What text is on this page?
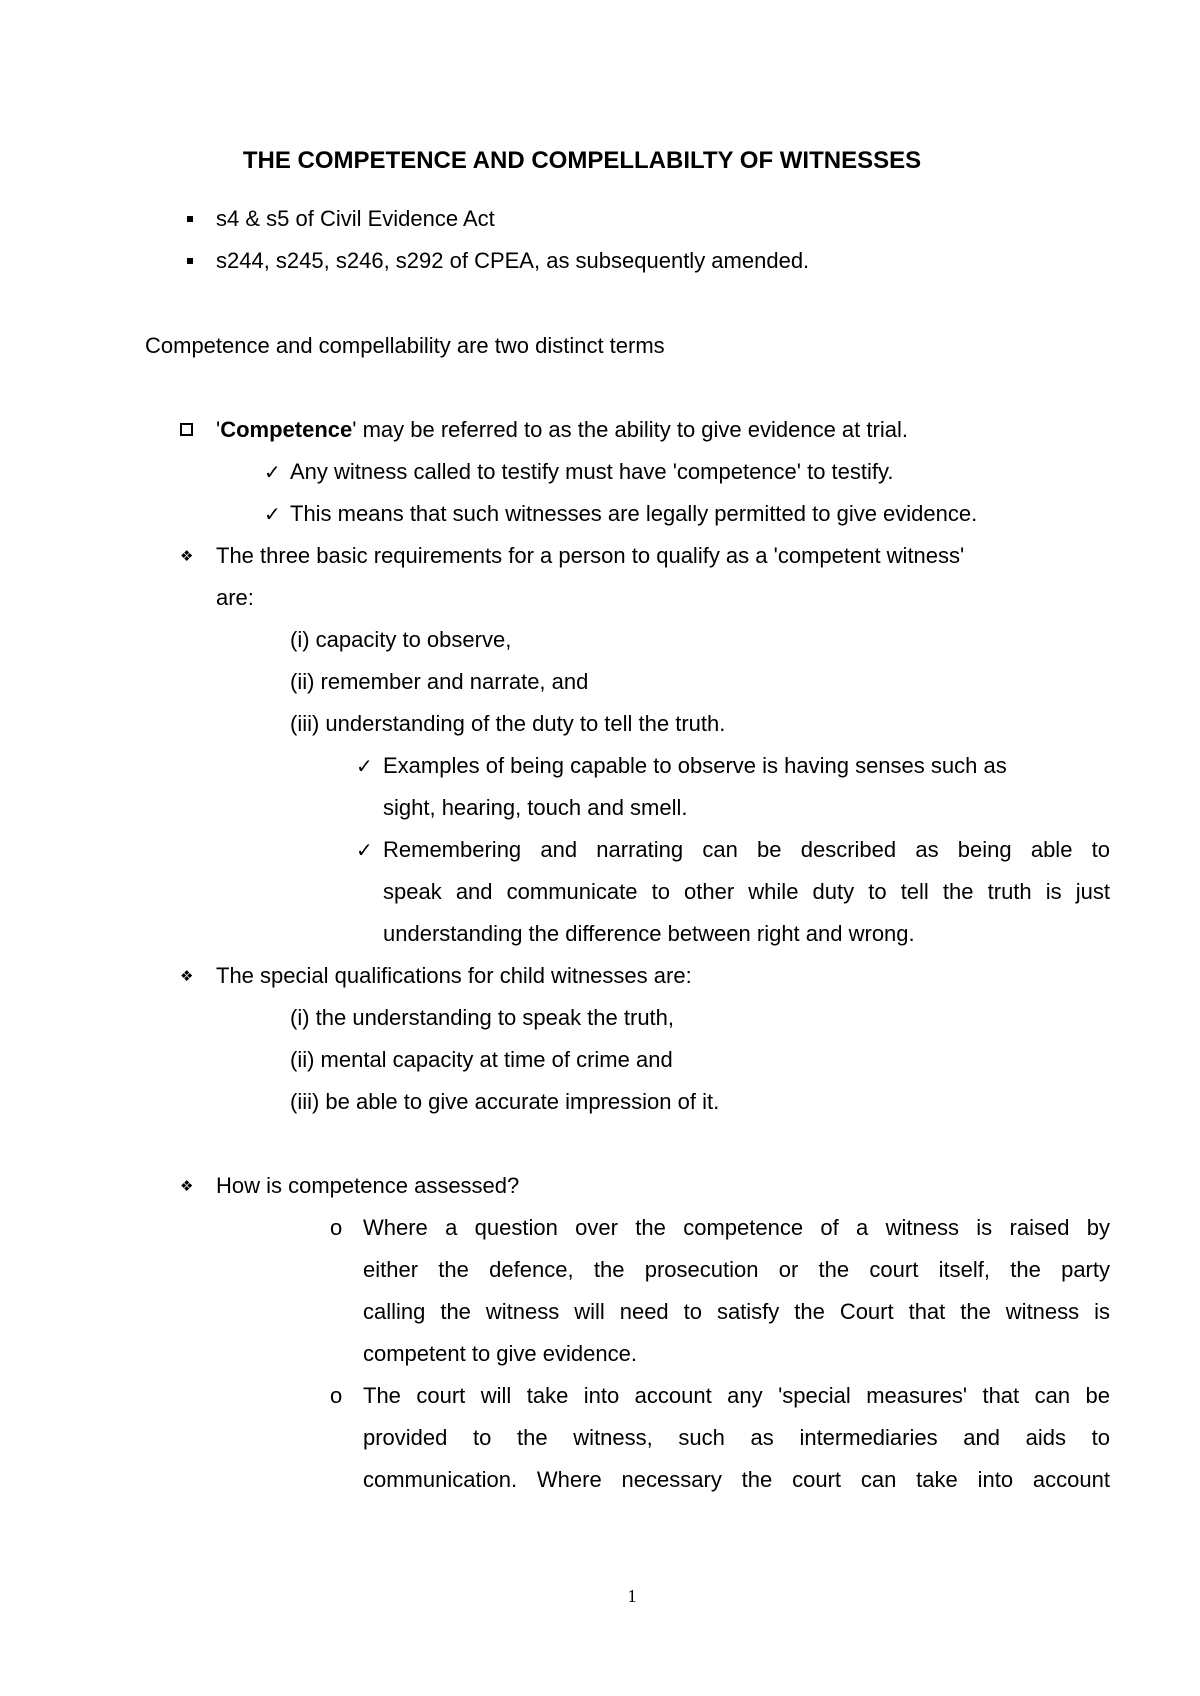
THE COMPETENCE AND COMPELLABILTY OF WITNESSES
s4 & s5 of Civil Evidence Act
s244, s245, s246, s292 of CPEA, as subsequently amended.
Competence and compellability are two distinct terms
'Competence' may be referred to as the ability to give evidence at trial.
✓ Any witness called to testify must have 'competence' to testify.
✓ This means that such witnesses are legally permitted to give evidence.
❖ The three basic requirements for a person to qualify as a 'competent witness'
are:
(i) capacity to observe,
(ii) remember and narrate, and
(iii) understanding of the duty to tell the truth.
✓ Examples of being capable to observe is having senses such as
sight, hearing, touch and smell.
✓ Remembering and narrating can be described as being able to
speak and communicate to other while duty to tell the truth is just
understanding the difference between right and wrong.
❖ The special qualifications for child witnesses are:
(i) the understanding to speak the truth,
(ii) mental capacity at time of crime and
(iii) be able to give accurate impression of it.
❖ How is competence assessed?
o Where a question over the competence of a witness is raised by
either the defence, the prosecution or the court itself, the party
calling the witness will need to satisfy the Court that the witness is
competent to give evidence.
o The court will take into account any 'special measures' that can be
provided to the witness, such as intermediaries and aids to
communication. Where necessary the court can take into account
1
